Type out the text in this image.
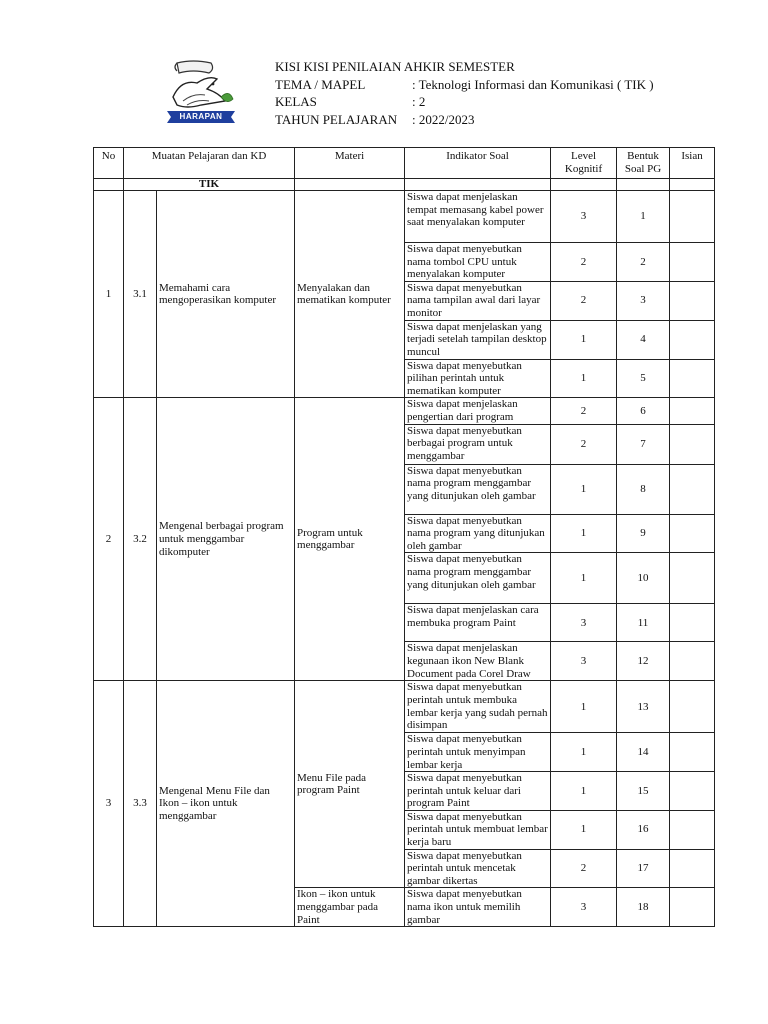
HARAPAN
KISI KISI PENILAIAN AHKIR SEMESTER
TEMA / MAPEL	: Teknologi Informasi dan Komunikasi ( TIK )
KELAS	: 2
TAHUN PELAJARAN	: 2022/2023
No	Muatan Pelajaran dan KD		Materi	Indikator Soal	Level Kognitif	Bentuk Soal PG	Isian
	TIK						
1	3.1	Memahami cara mengoperasikan komputer	Menyalakan dan mematikan komputer	Siswa dapat menjelaskan tempat memasang kabel power saat menyalakan komputer	3	1	
				Siswa dapat menyebutkan nama tombol CPU untuk menyalakan komputer	2	2	
				Siswa dapat menyebutkan nama tampilan awal dari layar monitor	2	3	
				Siswa dapat menjelaskan yang terjadi setelah tampilan desktop muncul	1	4	
				Siswa dapat menyebutkan pilihan perintah untuk mematikan komputer	1	5	
2	3.2	Mengenal berbagai program untuk menggambar dikomputer	Program untuk menggambar	Siswa dapat menjelaskan pengertian dari program	2	6	
				Siswa dapat menyebutkan berbagai program untuk menggambar	2	7	
				Siswa dapat menyebutkan nama program menggambar yang ditunjukan oleh gambar	1	8	
				Siswa dapat menyebutkan nama program yang ditunjukan oleh gambar	1	9	
				Siswa dapat menyebutkan nama program menggambar yang ditunjukan oleh gambar	1	10	
				Siswa dapat menjelaskan cara membuka program Paint	3	11	
				Siswa dapat menjelaskan kegunaan ikon New Blank Document pada Corel Draw	3	12	
3	3.3	Mengenal Menu File dan Ikon – ikon untuk menggambar	Menu File pada program Paint	Siswa dapat menyebutkan perintah untuk membuka lembar kerja yang sudah pernah disimpan	1	13	
				Siswa dapat menyebutkan perintah untuk menyimpan lembar kerja	1	14	
				Siswa dapat menyebutkan perintah untuk keluar dari program Paint	1	15	
				Siswa dapat menyebutkan perintah untuk membuat lembar kerja baru	1	16	
				Siswa dapat menyebutkan perintah untuk mencetak gambar dikertas	2	17	
			Ikon – ikon untuk menggambar pada Paint	Siswa dapat menyebutkan nama ikon untuk memilih gambar	3	18	
